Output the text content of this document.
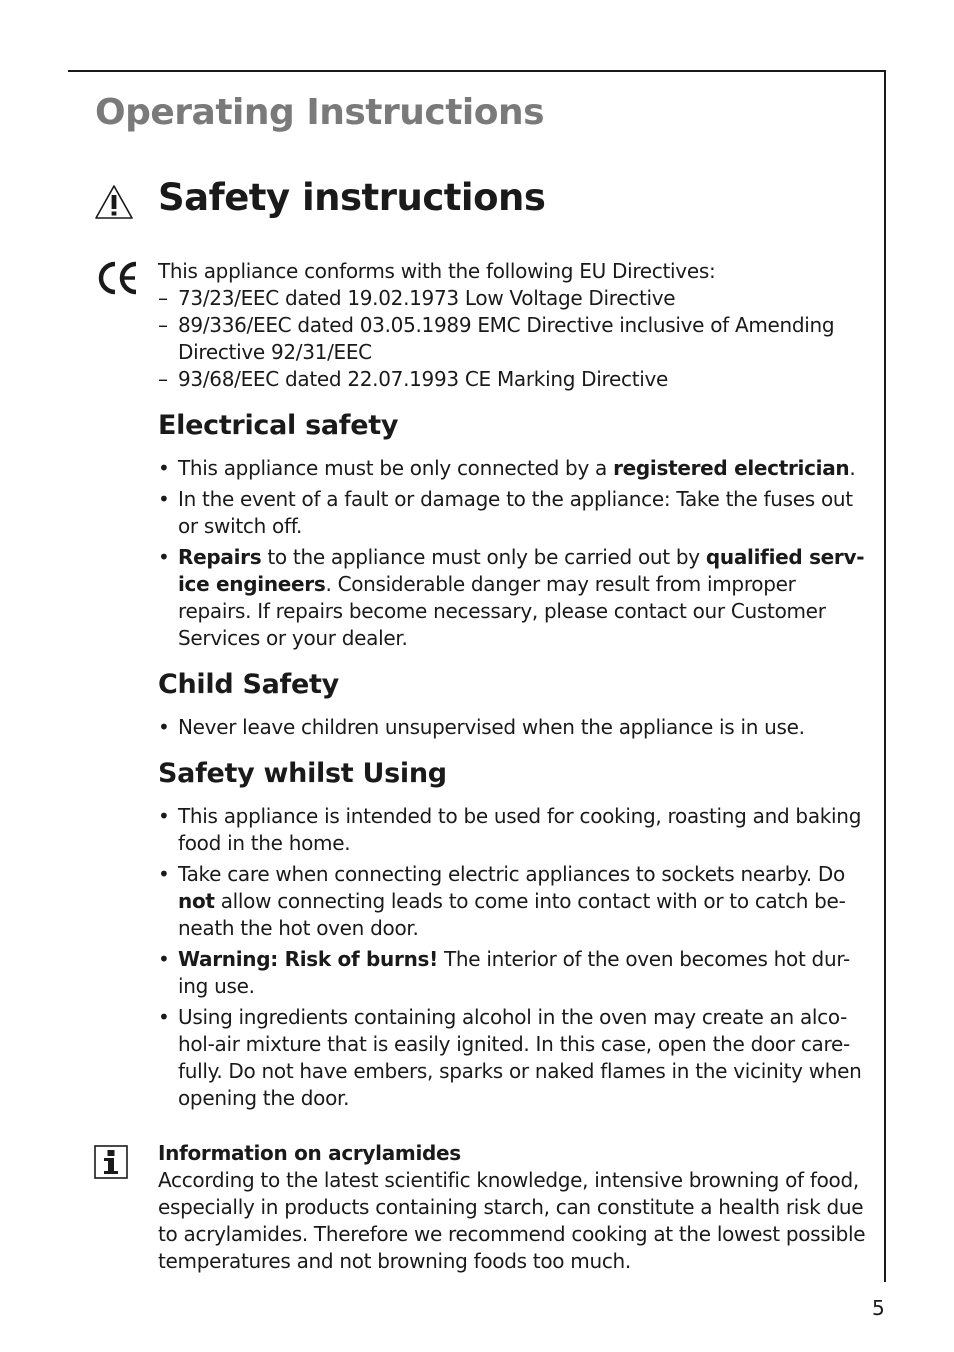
Operating Instructions
Safety instructions

This appliance conforms with the following EU Directives:

– 73/23/EEC dated 19.02.1973 Low Voltage Directive
– 89/336/EEC dated 03.05.1989 EMC Directive inclusive of Amending Directive 92/31/EEC
– 93/68/EEC dated 22.07.1993 CE Marking Directive
Electrical safety
• This appliance must be only connected by a registered electrician.
• In the event of a fault or damage to the appliance: Take the fuses out or switch off.
• Repairs to the appliance must only be carried out by qualified serv-ice engineers. Considerable danger may result from improper repairs. If repairs become necessary, please contact our Customer Services or your dealer.
Child Safety
• Never leave children unsupervised when the appliance is in use.
Safety whilst Using
• This appliance is intended to be used for cooking, roasting and baking food in the home.
• Take care when connecting electric appliances to sockets nearby. Do not allow connecting leads to come into contact with or to catch be-neath the hot oven door.
• Warning: Risk of burns! The interior of the oven becomes hot dur-ing use.
• Using ingredients containing alcohol in the oven may create an alco-hol-air mixture that is easily ignited. In this case, open the door care-fully. Do not have embers, sparks or naked flames in the vicinity when opening the door.
Information on acrylamides
According to the latest scientific knowledge, intensive browning of food, especially in products containing starch, can constitute a health risk due to acrylamides. Therefore we recommend cooking at the lowest possible temperatures and not browning foods too much.
5
